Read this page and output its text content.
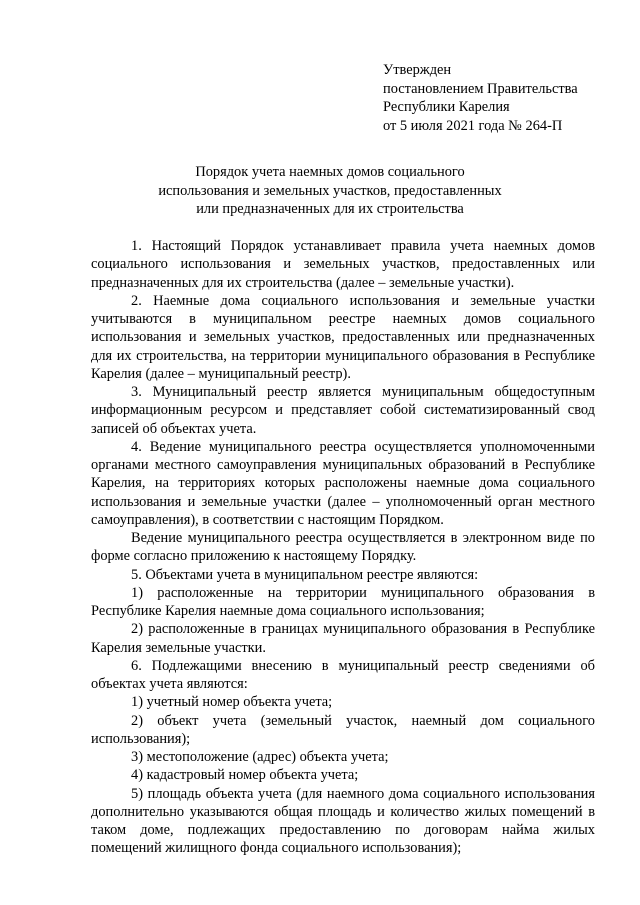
Утвержден
постановлением Правительства
Республики Карелия
от 5 июля 2021 года № 264-П
Порядок учета наемных домов социального
использования и земельных участков, предоставленных
или предназначенных для их строительства

1. Настоящий Порядок устанавливает правила учета наемных домов социального использования и земельных участков, предоставленных или предназначенных для их строительства (далее – земельные участки).

2. Наемные дома социального использования и земельные участки учитываются в муниципальном реестре наемных домов социального использования и земельных участков, предоставленных или предназначенных для их строительства, на территории муниципального образования в Республике Карелия (далее – муниципальный реестр).

3. Муниципальный реестр является муниципальным общедоступным информационным ресурсом и представляет собой систематизированный свод записей об объектах учета.

4. Ведение муниципального реестра осуществляется уполномоченными органами местного самоуправления муниципальных образований в Республике Карелия, на территориях которых расположены наемные дома социального использования и земельные участки (далее – уполномоченный орган местного самоуправления), в соответствии с настоящим Порядком.

Ведение муниципального реестра осуществляется в электронном виде по форме согласно приложению к настоящему Порядку.

5. Объектами учета в муниципальном реестре являются:

1) расположенные на территории муниципального образования в Республике Карелия наемные дома социального использования;

2) расположенные в границах муниципального образования в Республике Карелия земельные участки.

6. Подлежащими внесению в муниципальный реестр сведениями об объектах учета являются:

1) учетный номер объекта учета;

2) объект учета (земельный участок, наемный дом социального использования);

3) местоположение (адрес) объекта учета;

4) кадастровый номер объекта учета;

5) площадь объекта учета (для наемного дома социального использования дополнительно указываются общая площадь и количество жилых помещений в таком доме, подлежащих предоставлению по договорам найма жилых помещений жилищного фонда социального использования);
